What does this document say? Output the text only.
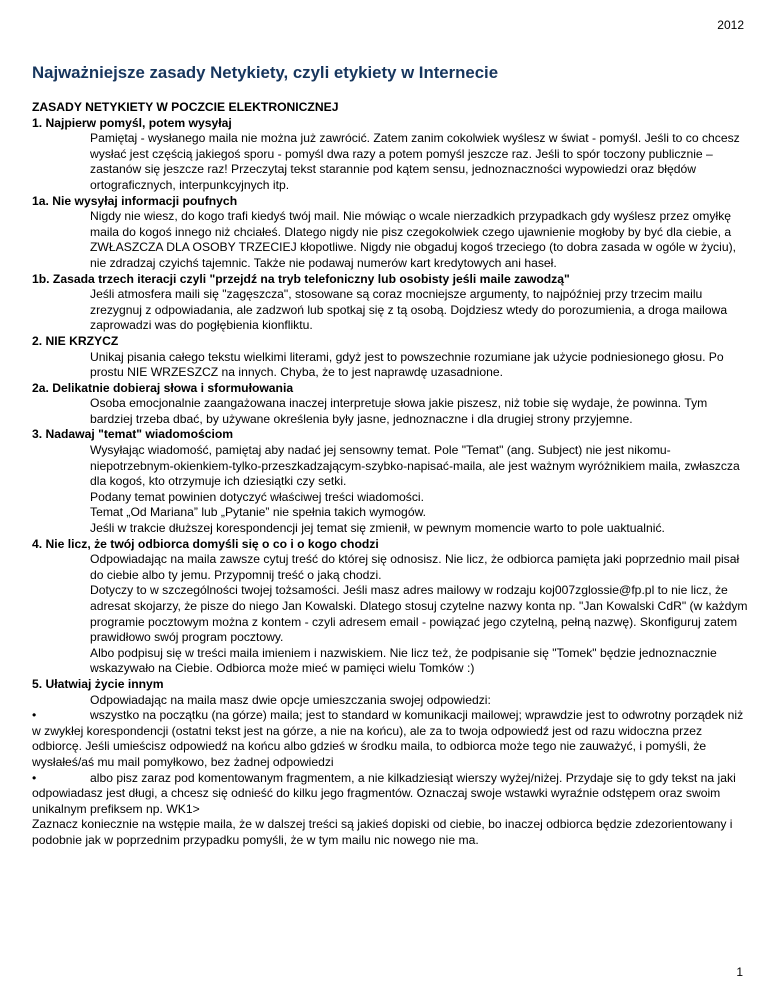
2012
Najważniejsze zasady Netykiety, czyli etykiety w Internecie
ZASADY NETYKIETY W POCZCIE ELEKTRONICZNEJ
1. Najpierw pomyśl, potem wysyłaj
Pamiętaj - wysłanego maila nie można już zawrócić. Zatem zanim cokolwiek wyślesz w świat - pomyśl. Jeśli to co chcesz wysłać jest częścią jakiegoś sporu - pomyśl dwa razy a potem pomyśl jeszcze raz. Jeśli to spór toczony publicznie – zastanów się jeszcze raz! Przeczytaj tekst starannie pod kątem sensu, jednoznaczności wypowiedzi oraz błędów ortograficznych, interpunkcyjnych itp.
1a. Nie wysyłaj informacji poufnych
Nigdy nie wiesz, do kogo trafi kiedyś twój mail. Nie mówiąc o wcale nierzadkich przypadkach gdy wyślesz przez omyłkę maila do kogoś innego niż chciałeś. Dlatego nigdy nie pisz czegokolwiek czego ujawnienie mogłoby by być dla ciebie, a ZWŁASZCZA DLA OSOBY TRZECIEJ kłopotliwe. Nigdy nie obgaduj kogoś trzeciego (to dobra zasada w ogóle w życiu), nie zdradzaj czyichś tajemnic. Także nie podawaj numerów kart kredytowych ani haseł.
1b. Zasada trzech iteracji czyli "przejdź na tryb telefoniczny lub osobisty jeśli maile zawodzą"
Jeśli atmosfera maili się "zagęszcza", stosowane są coraz mocniejsze argumenty, to najpóźniej przy trzecim mailu zrezygnuj z odpowiadania, ale zadzwoń lub spotkaj się z tą osobą. Dojdziesz wtedy do porozumienia, a droga mailowa zaprowadzi was do pogłębienia kionfliktu.
2. NIE KRZYCZ
Unikaj pisania całego tekstu wielkimi literami, gdyż jest to powszechnie rozumiane jak użycie podniesionego głosu. Po prostu NIE WRZESZCZ na innych. Chyba, że to jest naprawdę uzasadnione.
2a. Delikatnie dobieraj słowa i sformułowania
Osoba emocjonalnie zaangażowana inaczej interpretuje słowa jakie piszesz, niż tobie się wydaje, że powinna. Tym bardziej trzeba dbać, by używane określenia były jasne, jednoznaczne i dla drugiej strony przyjemne.
3. Nadawaj "temat" wiadomościom
Wysyłając wiadomość, pamiętaj aby nadać jej sensowny temat. Pole "Temat" (ang. Subject) nie jest nikomu-niepotrzebnym-okienkiem-tylko-przeszkadzającym-szybko-napisać-maila, ale jest ważnym wyróżnikiem maila, zwłaszcza dla kogoś, kto otrzymuje ich dziesiątki czy setki.
Podany temat powinien dotyczyć właściwej treści wiadomości.
Temat „Od Mariana” lub „Pytanie” nie spełnia takich wymogów.
Jeśli w trakcie dłuższej korespondencji jej temat się zmienił, w pewnym momencie warto to pole uaktualnić.
4. Nie licz, że twój odbiorca domyśli się o co i o kogo chodzi
Odpowiadając na maila zawsze cytuj treść do której się odnosisz. Nie licz, że odbiorca pamięta jaki poprzednio mail pisał do ciebie albo ty jemu. Przypomnij treść o jaką chodzi.
Dotyczy to w szczególności twojej tożsamości. Jeśli masz adres mailowy w rodzaju koj007zglossie@fp.pl to nie licz, że adresat skojarzy, że pisze do niego Jan Kowalski. Dlatego stosuj czytelne nazwy konta np. "Jan Kowalski CdR" (w każdym programie pocztowym można z kontem - czyli adresem email - powiązać jego czytelną, pełną nazwę). Skonfiguruj zatem prawidłowo swój program pocztowy.
Albo podpisuj się w treści maila imieniem i nazwiskiem. Nie licz też, że podpisanie się "Tomek" będzie jednoznacznie wskazywało na Ciebie. Odbiorca może mieć w pamięci wielu Tomków :)
5. Ułatwiaj życie innym
Odpowiadając na maila masz dwie opcje umieszczania swojej odpowiedzi:
•	wszystko na początku (na górze) maila; jest to standard w komunikacji mailowej; wprawdzie jest to odwrotny porządek niż w zwykłej korespondencji (ostatni tekst jest na górze, a nie na końcu), ale za to twoja odpowiedź jest od razu widoczna przez odbiorcę. Jeśli umieścisz odpowiedź na końcu albo gdzieś w środku maila, to odbiorca może tego nie zauważyć, i pomyśli, że wysłałeś/aś mu mail pomyłkowo, bez żadnej odpowiedzi
•	albo pisz zaraz pod komentowanym fragmentem, a nie kilkadziesiąt wierszy wyżej/niżej. Przydaje się to gdy tekst na jaki odpowiadasz jest długi, a chcesz się odnieść do kilku jego fragmentów. Oznaczaj swoje wstawki wyraźnie odstępem oraz swoim unikalnym prefiksem np. WK1>
Zaznacz koniecznie na wstępie maila, że w dalszej treści są jakieś dopiski od ciebie, bo inaczej odbiorca będzie zdezorientowany i podobnie jak w poprzednim przypadku pomyśli, że w tym mailu nic nowego nie ma.
1
